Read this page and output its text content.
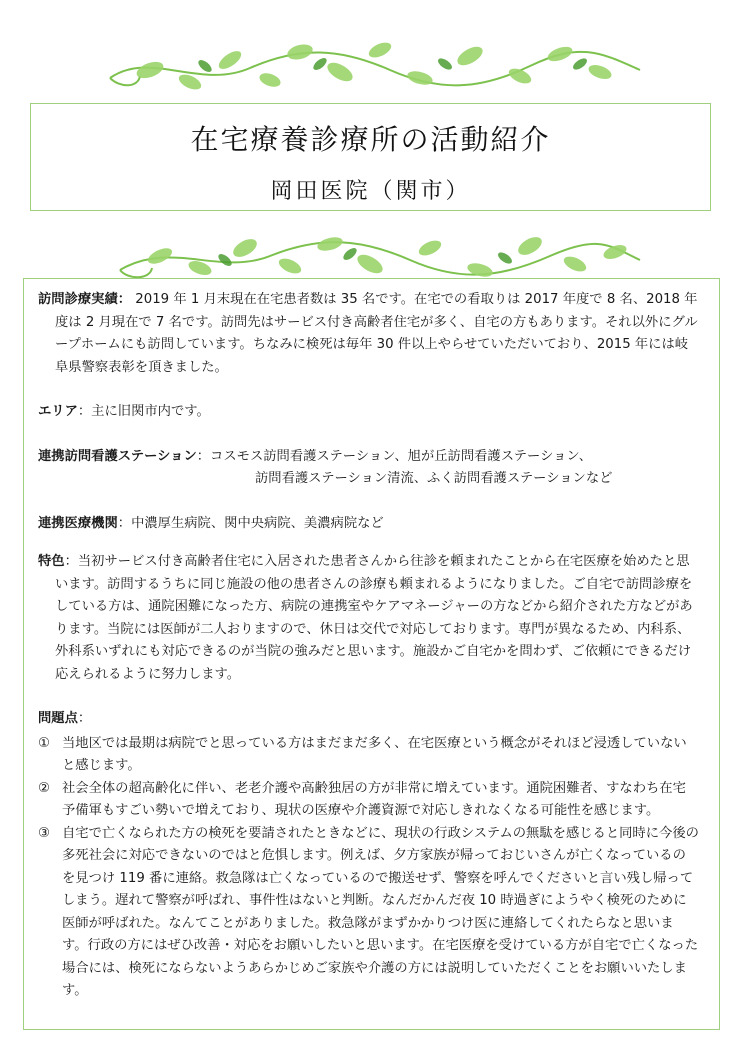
在宅療養診療所の活動紹介
岡田医院（関市）

訪問診療実績： 2019 年 1 月末現在在宅患者数は 35 名です。在宅での看取りは 2017 年度で 8 名、2018 年度は 2 月現在で 7 名です。訪問先はサービス付き高齢者住宅が多く、自宅の方もあります。それ以外にグループホームにも訪問しています。ちなみに検死は毎年 30 件以上やらせていただいており、2015 年には岐阜県警察表彰を頂きました。

エリア：主に旧関市内です。

連携訪問看護ステーション：コスモス訪問看護ステーション、旭が丘訪問看護ステーション、
訪問看護ステーション清流、ふく訪問看護ステーションなど

連携医療機関：中濃厚生病院、関中央病院、美濃病院など

特色：当初サービス付き高齢者住宅に入居された患者さんから往診を頼まれたことから在宅医療を始めたと思います。訪問するうちに同じ施設の他の患者さんの診療も頼まれるようになりました。ご自宅で訪問診療をしている方は、通院困難になった方、病院の連携室やケアマネージャーの方などから紹介された方などがあります。当院には医師が二人おりますので、休日は交代で対応しております。専門が異なるため、内科系、外科系いずれにも対応できるのが当院の強みだと思います。施設かご自宅かを問わず、ご依頼にできるだけ応えられるように努力します。

問題点：
① 当地区では最期は病院でと思っている方はまだまだ多く、在宅医療という概念がそれほど浸透していないと感じます。
② 社会全体の超高齢化に伴い、老老介護や高齢独居の方が非常に増えています。通院困難者、すなわち在宅予備軍もすごい勢いで増えており、現状の医療や介護資源で対応しきれなくなる可能性を感じます。
③ 自宅で亡くなられた方の検死を要請されたときなどに、現状の行政システムの無駄を感じると同時に今後の多死社会に対応できないのではと危惧します。例えば、夕方家族が帰っておじいさんが亡くなっているのを見つけ 119 番に連絡。救急隊は亡くなっているので搬送せず、警察を呼んでくださいと言い残し帰ってしまう。遅れて警察が呼ばれ、事件性はないと判断。なんだかんだ夜 10 時過ぎにようやく検死のために医師が呼ばれた。なんてことがありました。救急隊がまずかかりつけ医に連絡してくれたらなと思います。行政の方にはぜひ改善・対応をお願いしたいと思います。在宅医療を受けている方が自宅で亡くなった場合には、検死にならないようあらかじめご家族や介護の方には説明していただくことをお願いいたします。
